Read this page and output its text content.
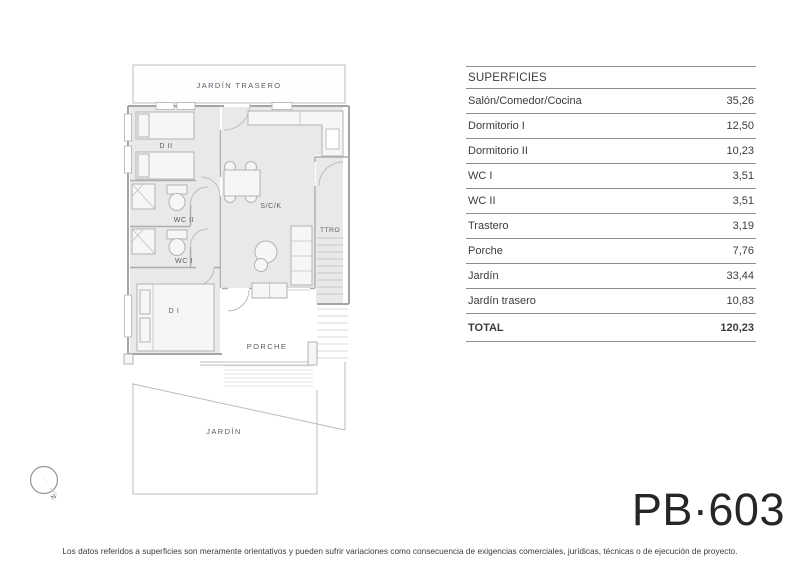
JARDÍN TRASERO
D II
WC II
WC I
D I
S/C/K
TTRO
PORCHE
JARDÍN
N
SUPERFICIES
Salón/Comedor/Cocina	35,26
Dormitorio I	12,50
Dormitorio II	10,23
WC I	3,51
WC II	3,51
Trastero	3,19
Porche	7,76
Jardín	33,44
Jardín trasero	10,83
TOTAL	120,23
PB·603
Los datos referidos a superficies son meramente orientativos y pueden sufrir variaciones como consecuencia de exigencias comerciales, jurídicas, técnicas o de ejecución de proyecto.
